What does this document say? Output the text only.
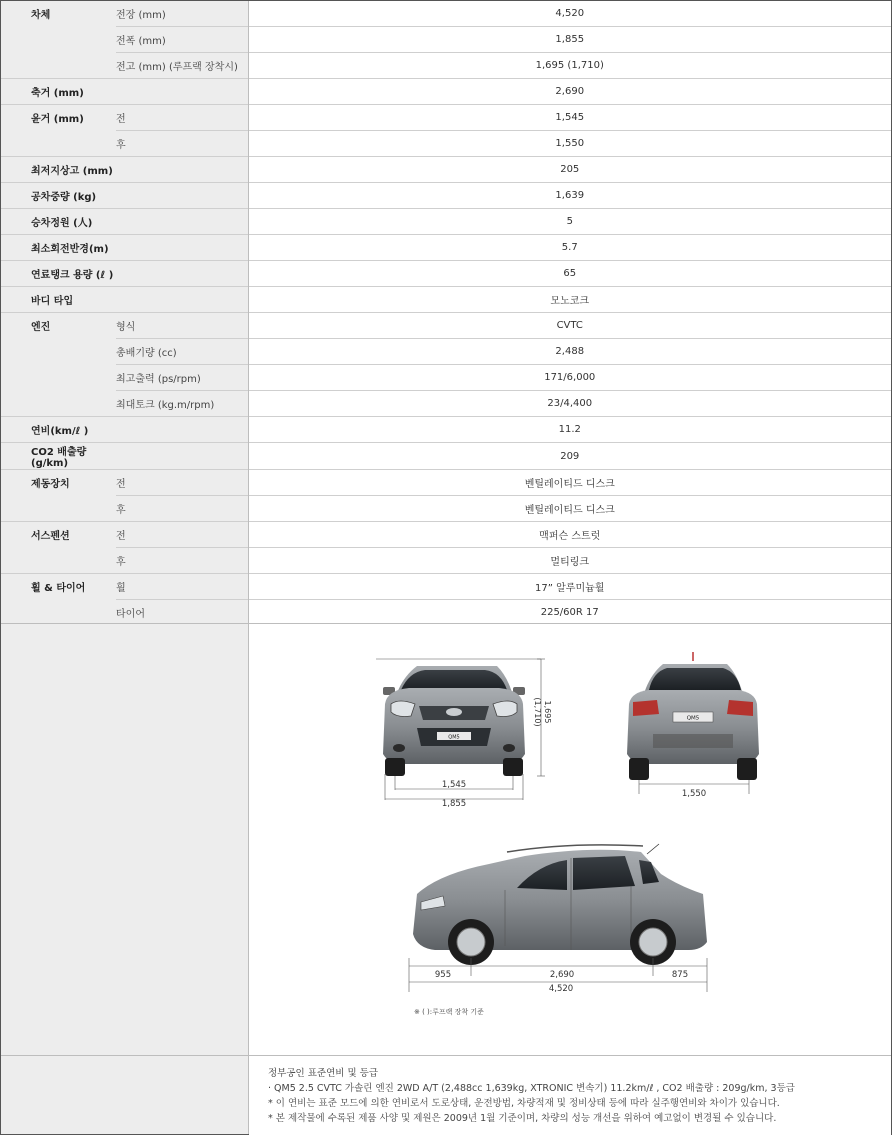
차체	전장 (mm)	4,520
	전폭 (mm)	1,855
	전고 (mm) (루프랙 장착시)	1,695 (1,710)
축거 (mm)		2,690
윤거 (mm)	전	1,545
	후	1,550
최저지상고 (mm)		205
공차중량 (kg)		1,639
승차정원 (人)		5
최소회전반경(m)		5.7
연료탱크 용량 (ℓ )		65
바디 타입		모노코크
엔진	형식	CVTC
	총배기량 (cc)	2,488
	최고출력 (ps/rpm)	171/6,000
	최대토크 (kg.m/rpm)	23/4,400
연비(km/ℓ )		11.2
CO2 배출량(g/km)		209
제동장치	전	벤틸레이티드 디스크
	후	벤틸레이티드 디스크
서스펜션	전	맥퍼슨 스트럿
	후	멀티링크
휠 & 타이어	휠	17” 알루미늄휠
	타이어	225/60R 17
QM5
1,695
(1,710)
1,545
1,855
QM5
1,550
955	2,690	875
4,520
※ ( ):루프랙 장착 기준

정부공인 표준연비 및 등급

· QM5 2.5 CVTC 가솔린 엔진 2WD A/T (2,488cc 1,639kg, XTRONIC 변속기) 11.2km/ℓ , CO2 배출량 : 209g/km, 3등급

* 이 연비는 표준 모드에 의한 연비로서 도로상태, 운전방법, 차량적재 및 정비상태 등에 따라 실주행연비와 차이가 있습니다.

* 본 제작물에 수록된 제품 사양 및 제원은 2009년 1월 기준이며, 차량의 성능 개선을 위하여 예고없이 변경될 수 있습니다.
